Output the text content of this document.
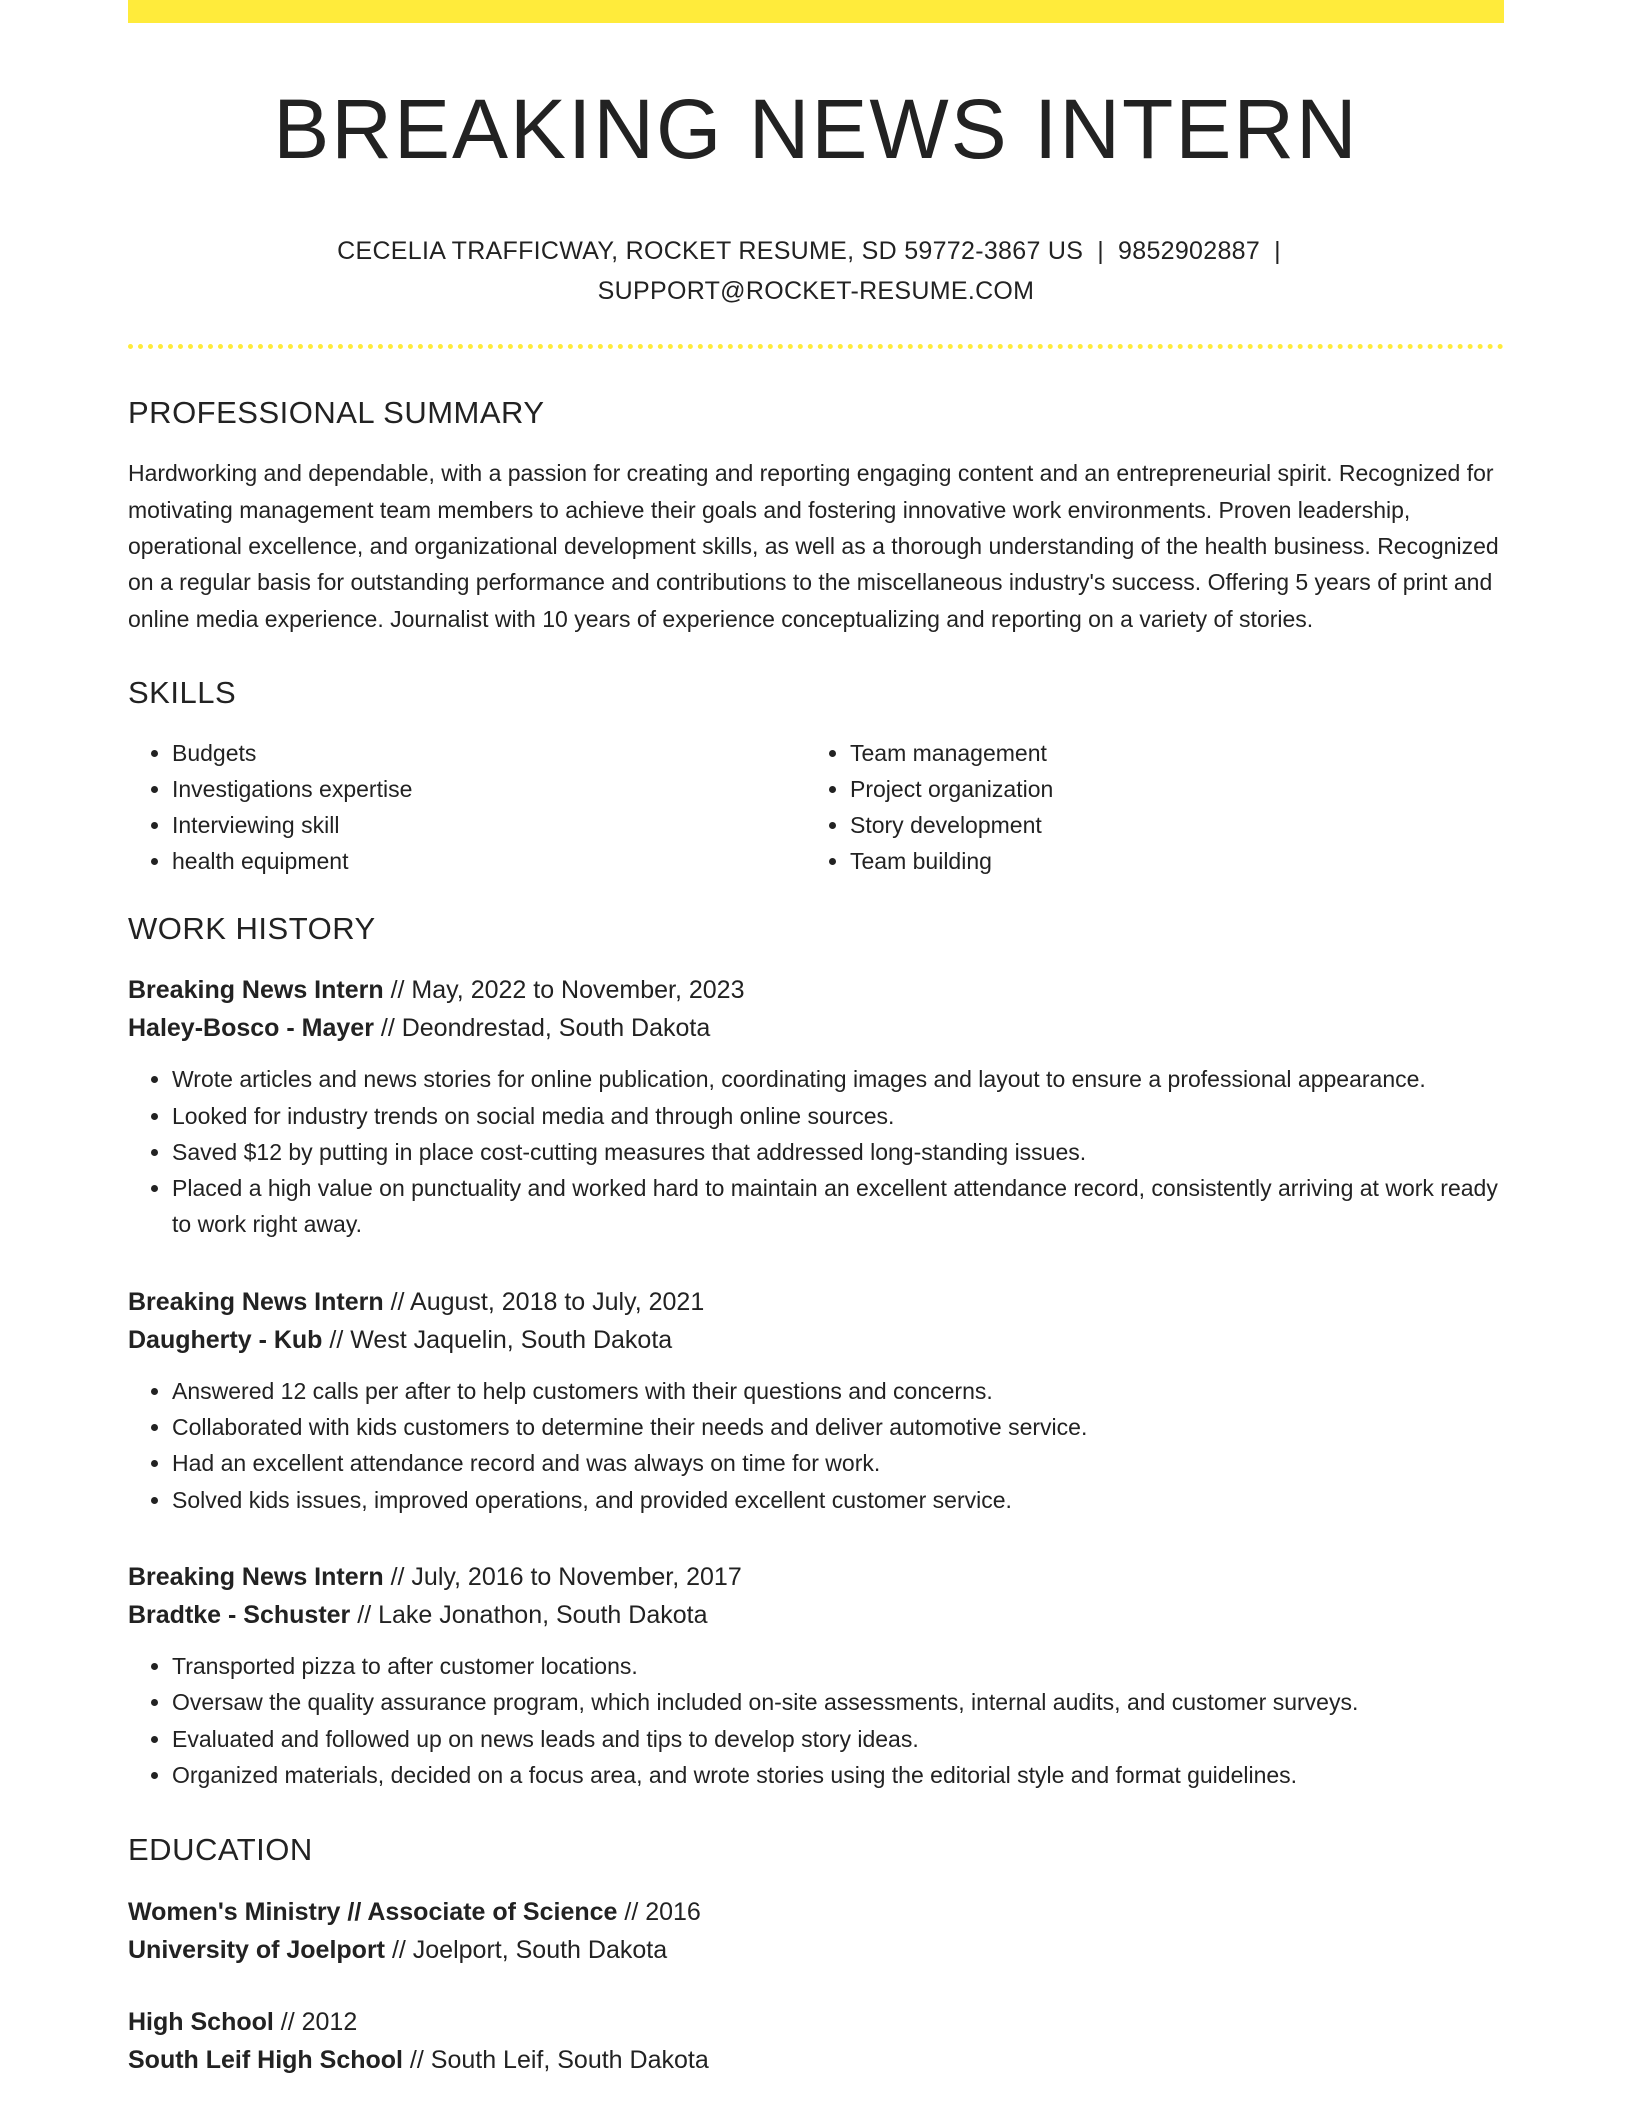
BREAKING NEWS INTERN
CECELIA TRAFFICWAY, ROCKET RESUME, SD 59772-3867 US | 9852902887 |
SUPPORT@ROCKET-RESUME.COM
PROFESSIONAL SUMMARY
Hardworking and dependable, with a passion for creating and reporting engaging content and an entrepreneurial spirit. Recognized for motivating management team members to achieve their goals and fostering innovative work environments. Proven leadership, operational excellence, and organizational development skills, as well as a thorough understanding of the health business. Recognized on a regular basis for outstanding performance and contributions to the miscellaneous industry's success. Offering 5 years of print and online media experience. Journalist with 10 years of experience conceptualizing and reporting on a variety of stories.
SKILLS
• Budgets
• Investigations expertise
• Interviewing skill
• health equipment
• Team management
• Project organization
• Story development
• Team building
WORK HISTORY
Breaking News Intern // May, 2022 to November, 2023
Haley-Bosco - Mayer // Deondrestad, South Dakota
• Wrote articles and news stories for online publication, coordinating images and layout to ensure a professional appearance.
• Looked for industry trends on social media and through online sources.
• Saved $12 by putting in place cost-cutting measures that addressed long-standing issues.
• Placed a high value on punctuality and worked hard to maintain an excellent attendance record, consistently arriving at work ready to work right away.
Breaking News Intern // August, 2018 to July, 2021
Daugherty - Kub // West Jaquelin, South Dakota
• Answered 12 calls per after to help customers with their questions and concerns.
• Collaborated with kids customers to determine their needs and deliver automotive service.
• Had an excellent attendance record and was always on time for work.
• Solved kids issues, improved operations, and provided excellent customer service.
Breaking News Intern // July, 2016 to November, 2017
Bradtke - Schuster // Lake Jonathon, South Dakota
• Transported pizza to after customer locations.
• Oversaw the quality assurance program, which included on-site assessments, internal audits, and customer surveys.
• Evaluated and followed up on news leads and tips to develop story ideas.
• Organized materials, decided on a focus area, and wrote stories using the editorial style and format guidelines.
EDUCATION
Women's Ministry // Associate of Science // 2016
University of Joelport // Joelport, South Dakota
High School // 2012
South Leif High School // South Leif, South Dakota
